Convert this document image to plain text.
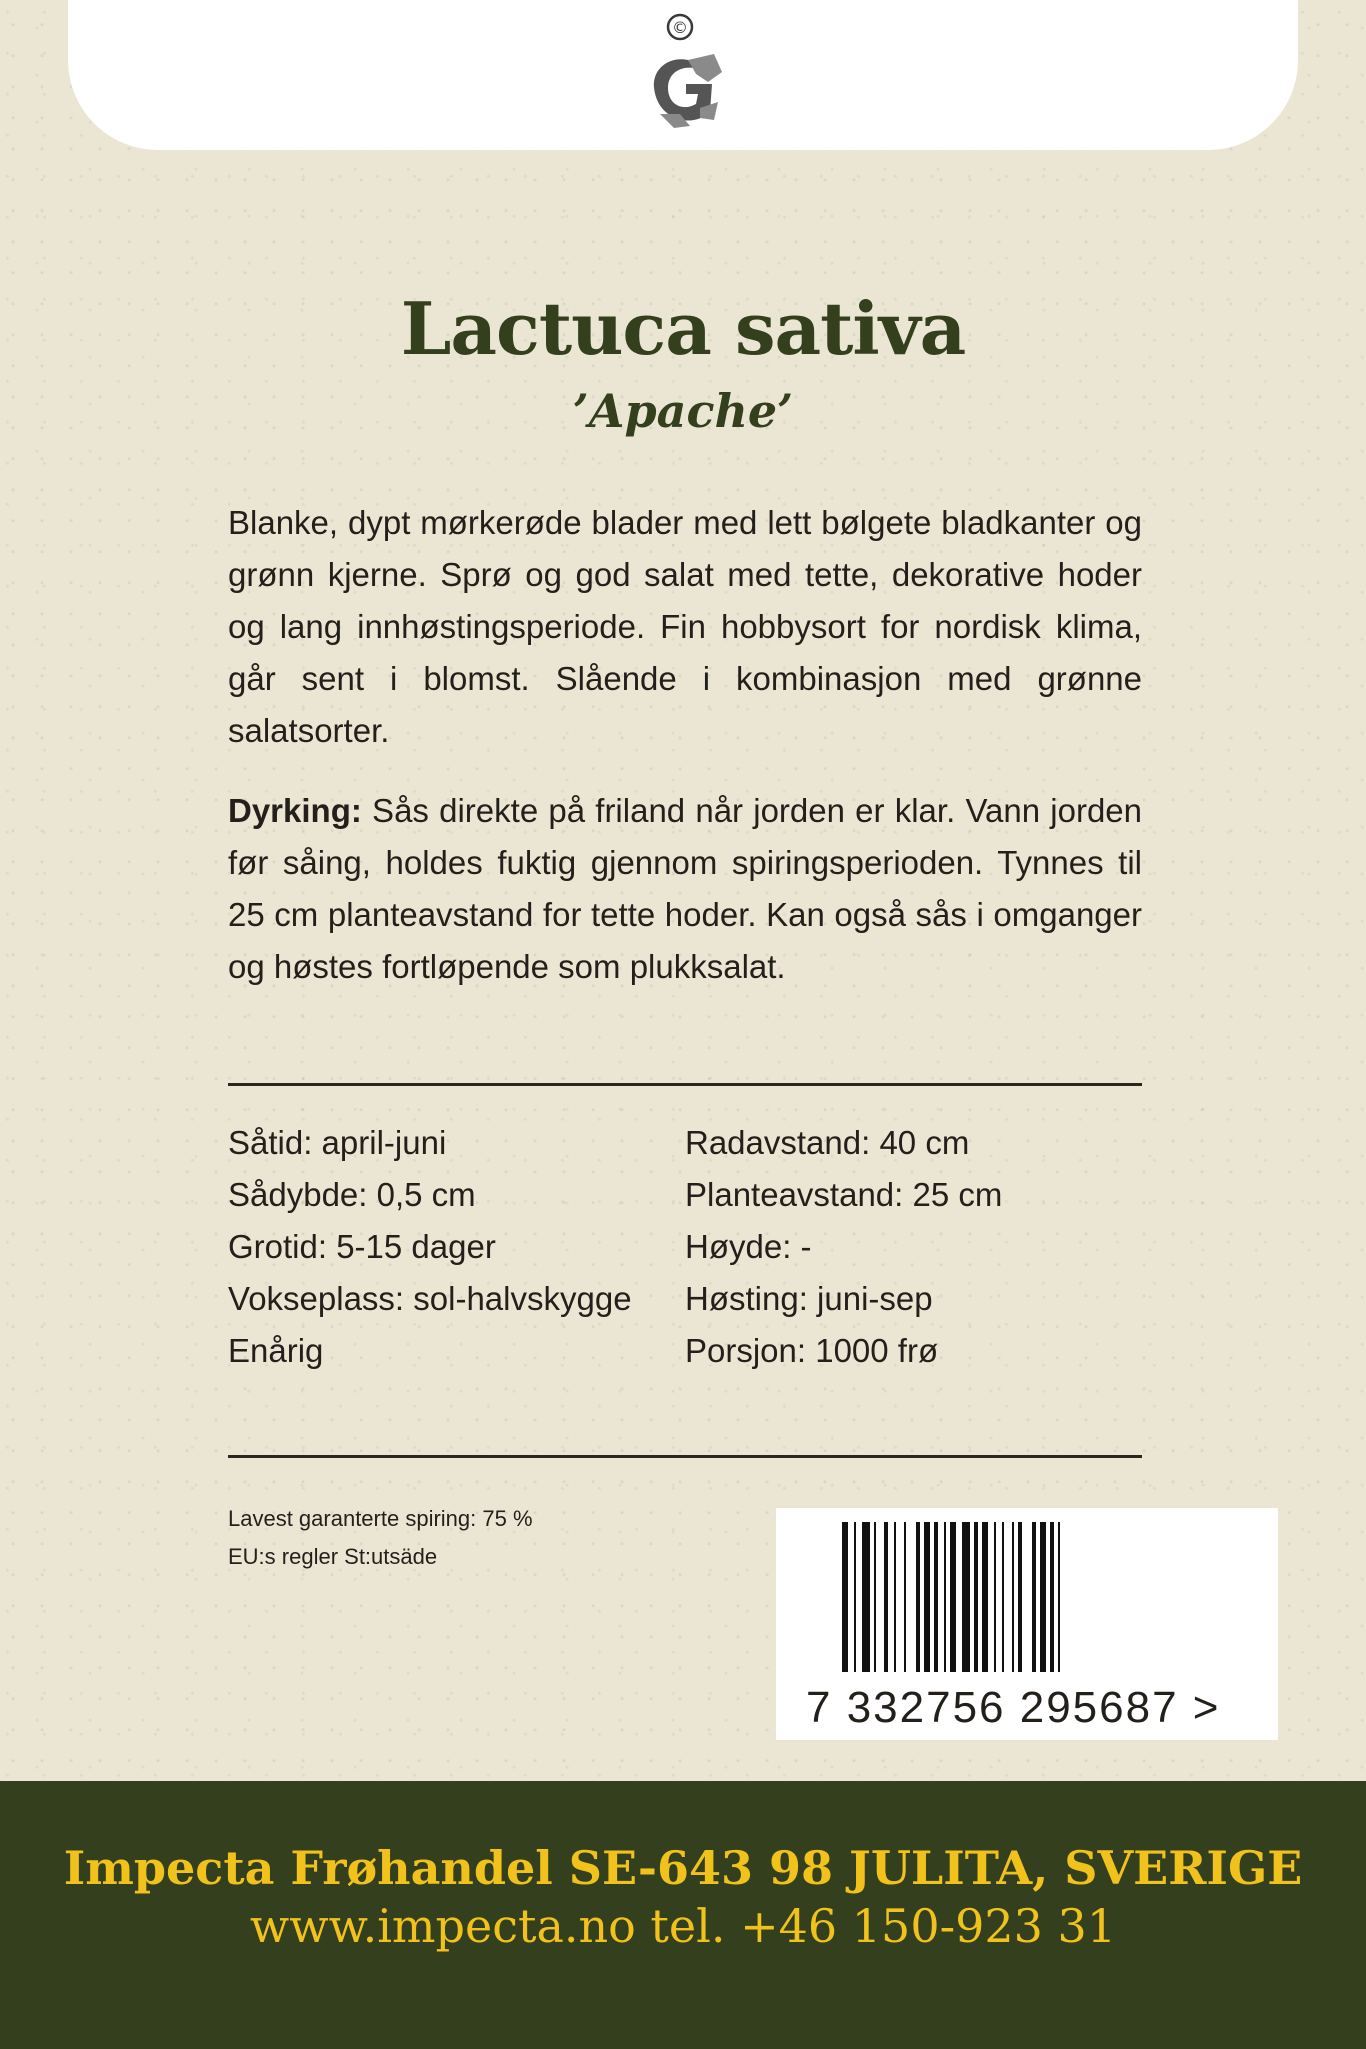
©
Lactuca sativa
’Apache’

Blanke, dypt mørkerøde blader med lett bølgete bladkanter og grønn kjerne. Sprø og god salat med tette, dekorative hoder og lang innhøstingsperiode. Fin hobbysort for nordisk klima, går sent i blomst. Slående i kombinasjon med grønne salatsorter.

Dyrking: Sås direkte på friland når jorden er klar. Vann jorden før såing, holdes fuktig gjennom spiringsperioden. Tynnes til 25 cm planteavstand for tette hoder. Kan også sås i omganger og høstes fortløpende som plukksalat.

Såtid: april-juni
Sådybde: 0,5 cm
Grotid: 5-15 dager
Vokseplass: sol-halvskygge
Enårig
Radavstand: 40 cm
Planteavstand: 25 cm
Høyde: -
Høsting: juni-sep
Porsjon: 1000 frø
Lavest garanterte spiring: 75 %
EU:s regler St:utsäde
7 332756 295687 >

Impecta Frøhandel SE-643 98 JULITA, SVERIGE

www.impecta.no tel. +46 150-923 31
